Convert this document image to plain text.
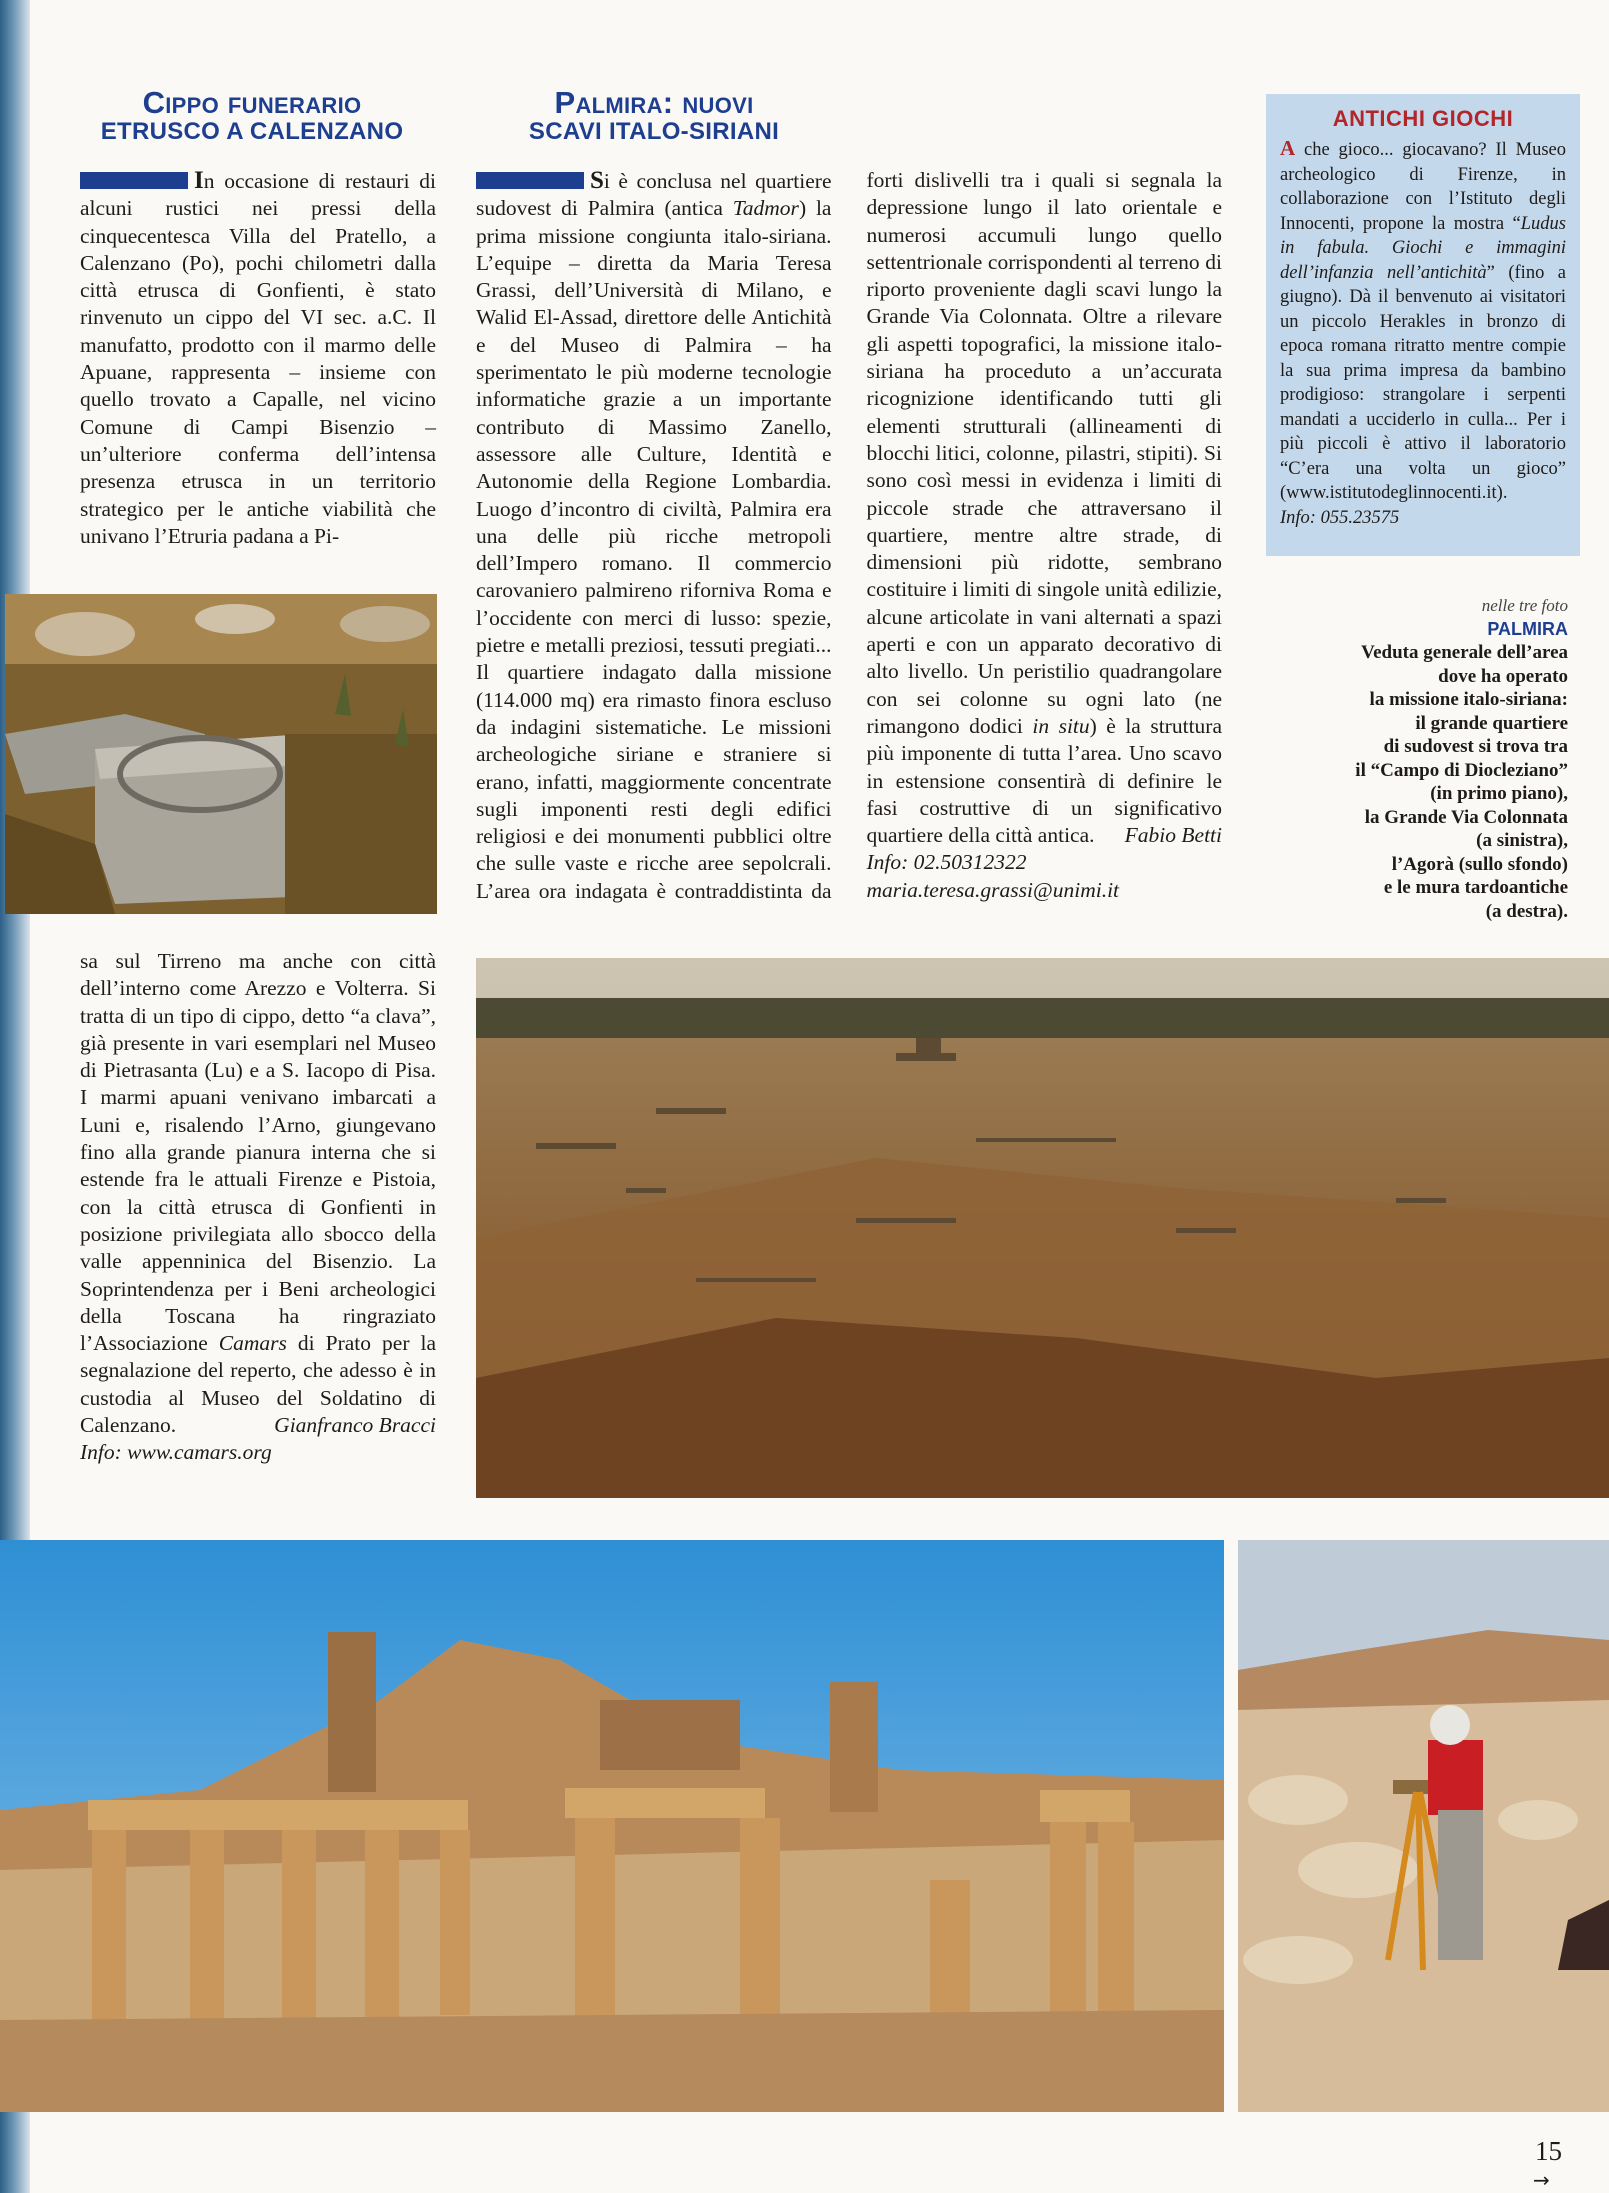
Cippo funerario
ETRUSCO A CALENZANO

In occasione di restauri di alcuni rustici nei pressi della cinquecentesca Villa del Pratello, a Calenzano (Po), pochi chilometri dalla città etrusca di Gonfienti, è stato rinvenuto un cippo del VI sec. a.C. Il manufatto, prodotto con il marmo delle Apuane, rappresenta – insieme con quello trovato a Capalle, nel vicino Comune di Campi Bisenzio – un’ulteriore conferma dell’intensa presenza etrusca in un territorio strategico per le antiche viabilità che univano l’Etruria padana a Pi-

sa sul Tirreno ma anche con città dell’interno come Arezzo e Volterra. Si tratta di un tipo di cippo, detto “a clava”, già presente in vari esemplari nel Museo di Pietrasanta (Lu) e a S. Iacopo di Pisa. I marmi apuani venivano imbarcati a Luni e, risalendo l’Arno, giungevano fino alla grande pianura interna che si estende fra le attuali Firenze e Pistoia, con la città etrusca di Gonfienti in posizione privilegiata allo sbocco della valle appenninica del Bisenzio. La Soprintendenza per i Beni archeologici della Toscana ha ringraziato l’Associazione Camars di Prato per la segnalazione del reperto, che adesso è in custodia al Museo del Soldatino di Calenzano.	Gianfranco Bracci

Info: www.camars.org

Palmira: nuovi
SCAVI ITALO-SIRIANI

Si è conclusa nel quartiere sudovest di Palmira (antica Tadmor) la prima missione congiunta italo-siriana. L’equipe – diretta da Maria Teresa Grassi, dell’Università di Milano, e Walid El-Assad, direttore delle Antichità e del Museo di Palmira – ha sperimentato le più moderne tecnologie informatiche grazie a un importante contributo di Massimo Zanello, assessore alle Culture, Identità e Autonomie della Regione Lombardia. Luogo d’incontro di civiltà, Palmira era una delle più ricche metropoli dell’Impero romano. Il commercio carovaniero palmireno riforniva Roma e l’occidente con merci di lusso: spezie, pietre e metalli preziosi, tessuti pregiati... Il quartiere indagato dalla missione (114.000 mq) era rimasto finora escluso da indagini sistematiche. Le missioni archeologiche siriane e straniere si erano, infatti, maggiormente concentrate sugli imponenti resti degli edifici religiosi e dei monumenti pubblici oltre che sulle vaste e ricche aree sepolcrali. L’area ora indagata è contraddistinta da forti dislivelli tra i quali si segnala la depressione lungo il lato orientale e numerosi accumuli lungo quello settentrionale corrispondenti al terreno di riporto proveniente dagli scavi lungo la Grande Via Colonnata. Oltre a rilevare gli aspetti topografici, la missione italo-siriana ha proceduto a un’accurata ricognizione identificando tutti gli elementi strutturali (allineamenti di blocchi litici, colonne, pilastri, stipiti). Si sono così messi in evidenza i limiti di piccole strade che attraversano il quartiere, mentre altre strade, di dimensioni più ridotte, sembrano costituire i limiti di singole unità edilizie, alcune articolate in vani alternati a spazi aperti e con un apparato decorativo di alto livello. Un peristilio quadrangolare con sei colonne su ogni lato (ne rimangono dodici in situ) è la struttura più imponente di tutta l’area. Uno scavo in estensione consentirà di definire le fasi costruttive di un significativo quartiere della città antica. Fabio Betti

Info: 02.50312322

maria.teresa.grassi@unimi.it

ANTICHI GIOCHI
A che gioco... giocavano? Il Museo archeologico di Firenze, in collaborazione con l’Istituto degli Innocenti, propone la mostra “Ludus in fabula. Giochi e immagini dell’infanzia nell’antichità” (fino a giugno). Dà il benvenuto ai visitatori un piccolo Herakles in bronzo di epoca romana ritratto mentre compie la sua prima impresa da bambino prodigioso: strangolare i serpenti mandati a ucciderlo in culla... Per i più piccoli è attivo il laboratorio “C’era una volta un gioco” (www.istitutodeglinnocenti.it).
Info: 055.23575
nelle tre foto
PALMIRA
Veduta generale dell’area
dove ha operato
la missione italo-siriana:
il grande quartiere
di sudovest si trova tra
il “Campo di Diocleziano”
(in primo piano),
la Grande Via Colonnata
(a sinistra),
l’Agorà (sullo sfondo)
e le mura tardoantiche
(a destra).
15
→
